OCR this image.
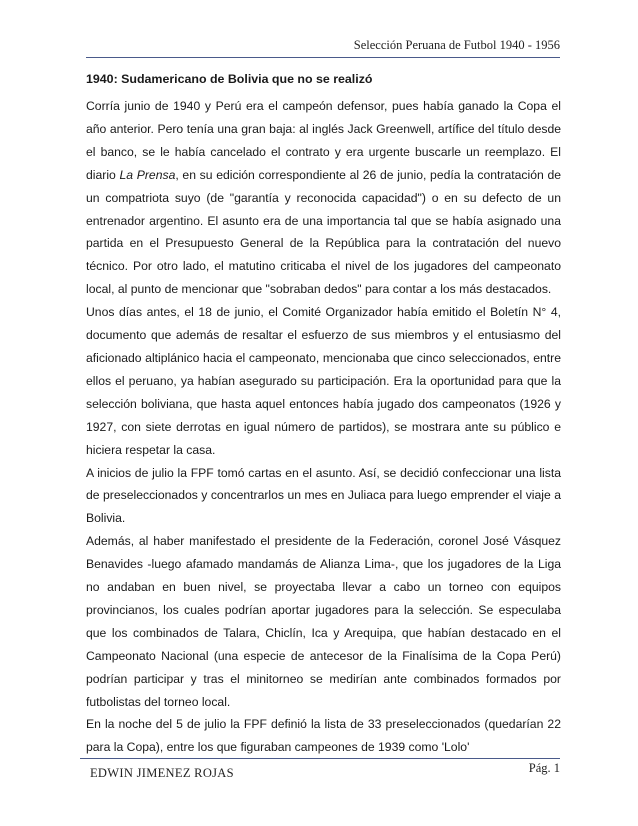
Selección Peruana de Futbol 1940 - 1956

1940: Sudamericano de Bolivia que no se realizó

Corría junio de 1940 y Perú era el campeón defensor, pues había ganado la Copa el año anterior. Pero tenía una gran baja: al inglés Jack Greenwell, artífice del título desde el banco, se le había cancelado el contrato y era urgente buscarle un reemplazo. El diario La Prensa, en su edición correspondiente al 26 de junio, pedía la contratación de un compatriota suyo (de "garantía y reconocida capacidad") o en su defecto de un entrenador argentino. El asunto era de una importancia tal que se había asignado una partida en el Presupuesto General de la República para la contratación del nuevo técnico. Por otro lado, el matutino criticaba el nivel de los jugadores del campeonato local, al punto de mencionar que "sobraban dedos" para contar a los más destacados.

Unos días antes, el 18 de junio, el Comité Organizador había emitido el Boletín N° 4, documento que además de resaltar el esfuerzo de sus miembros y el entusiasmo del aficionado altiplánico hacia el campeonato, mencionaba que cinco seleccionados, entre ellos el peruano, ya habían asegurado su participación. Era la oportunidad para que la selección boliviana, que hasta aquel entonces había jugado dos campeonatos (1926 y 1927, con siete derrotas en igual número de partidos), se mostrara ante su público e hiciera respetar la casa.

A inicios de julio la FPF tomó cartas en el asunto. Así, se decidió confeccionar una lista de preseleccionados y concentrarlos un mes en Juliaca para luego emprender el viaje a Bolivia.

Además, al haber manifestado el presidente de la Federación, coronel José Vásquez Benavides -luego afamado mandamás de Alianza Lima-, que los jugadores de la Liga no andaban en buen nivel, se proyectaba llevar a cabo un torneo con equipos provincianos, los cuales podrían aportar jugadores para la selección. Se especulaba que los combinados de Talara, Chiclín, Ica y Arequipa, que habían destacado en el Campeonato Nacional (una especie de antecesor de la Finalísima de la Copa Perú) podrían participar y tras el minitorneo se medirían ante combinados formados por futbolistas del torneo local.

En la noche del 5 de julio la FPF definió la lista de 33 preseleccionados (quedarían 22 para la Copa), entre los que figuraban campeones de 1939 como 'Lolo'

EDWIN JIMENEZ ROJAS	Pág. 1
